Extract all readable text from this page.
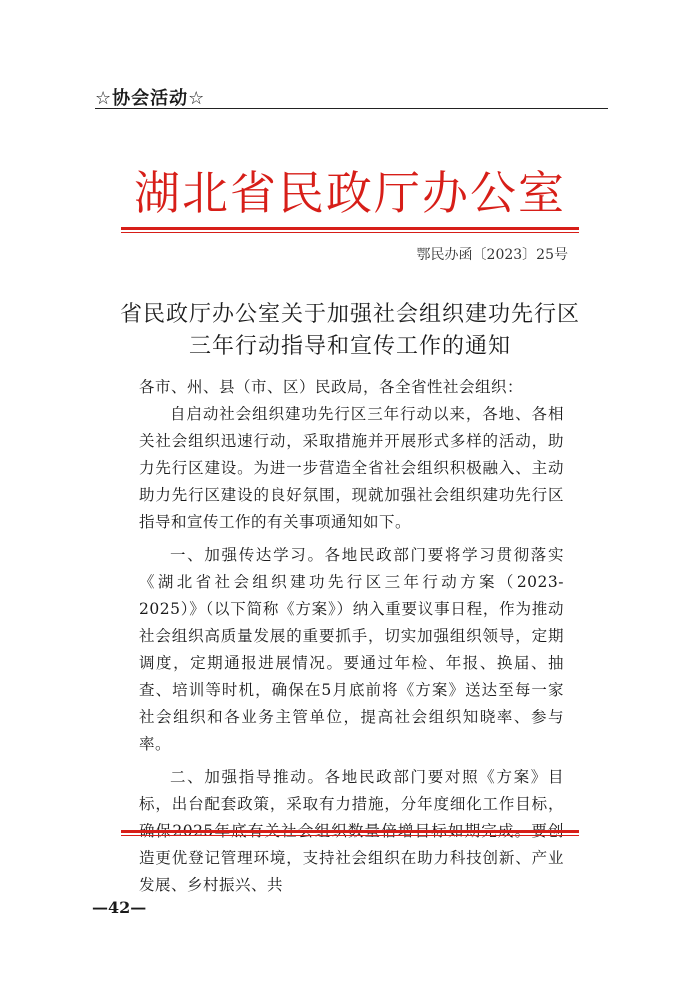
☆协会活动☆
湖北省民政厅办公室
鄂民办函〔2023〕25号
省民政厅办公室关于加强社会组织建功先行区
三年行动指导和宣传工作的通知

各市、州、县（市、区）民政局，各全省性社会组织：

自启动社会组织建功先行区三年行动以来，各地、各相关社会组织迅速行动，采取措施并开展形式多样的活动，助力先行区建设。为进一步营造全省社会组织积极融入、主动助力先行区建设的良好氛围，现就加强社会组织建功先行区指导和宣传工作的有关事项通知如下。

一、加强传达学习。各地民政部门要将学习贯彻落实《湖北省社会组织建功先行区三年行动方案（2023-2025）》（以下简称《方案》）纳入重要议事日程，作为推动社会组织高质量发展的重要抓手，切实加强组织领导，定期调度，定期通报进展情况。要通过年检、年报、换届、抽查、培训等时机，确保在5月底前将《方案》送达至每一家社会组织和各业务主管单位，提高社会组织知晓率、参与率。

二、加强指导推动。各地民政部门要对照《方案》目标，出台配套政策，采取有力措施，分年度细化工作目标，确保2025年底有关社会组织数量倍增目标如期完成。要创造更优登记管理环境，支持社会组织在助力科技创新、产业发展、乡村振兴、共

—42—
